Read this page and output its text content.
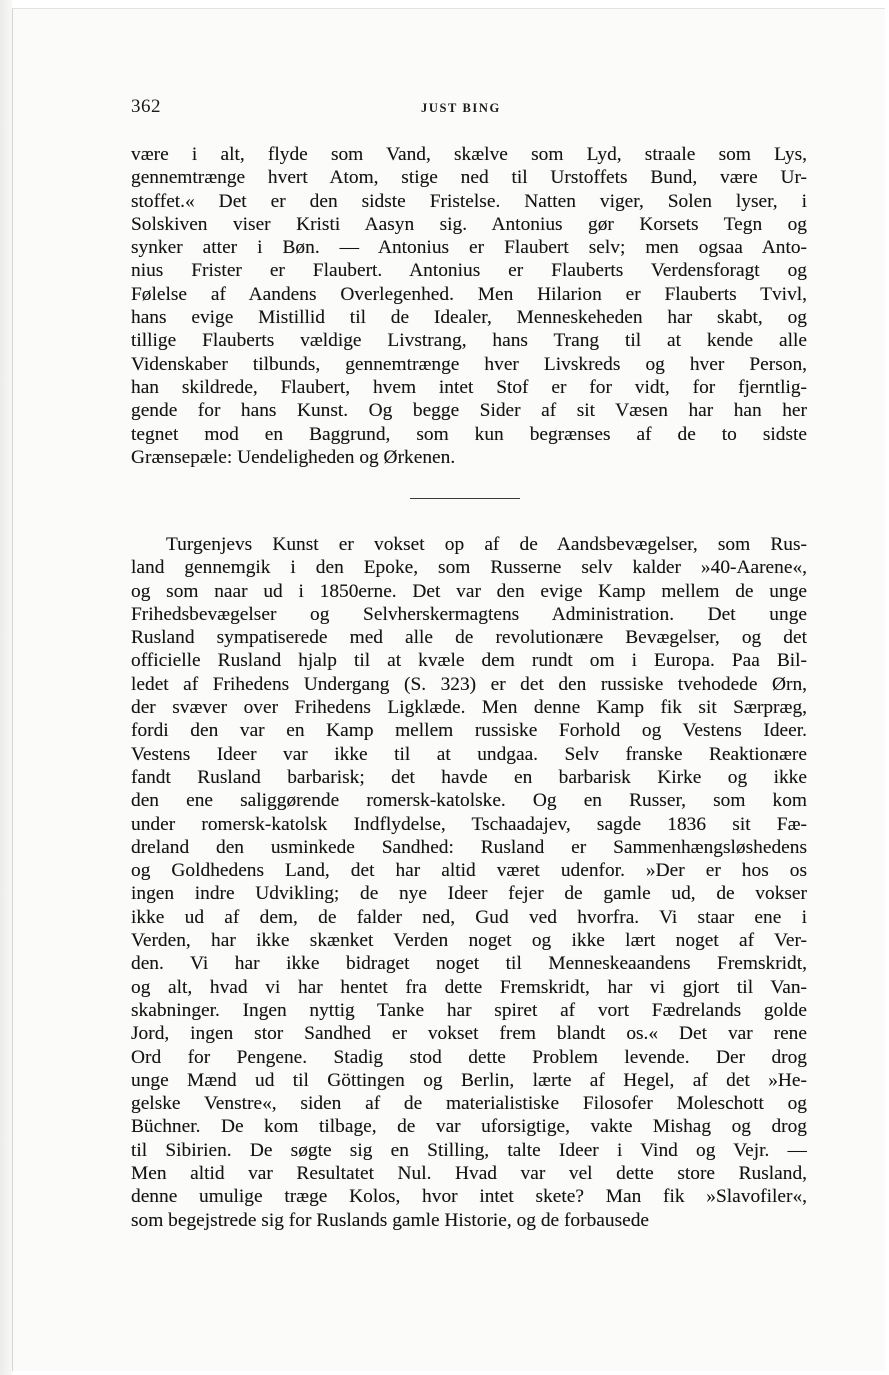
362	JUST BING
være i alt, flyde som Vand, skælve som Lyd, straale som Lys,
gennemtrænge hvert Atom, stige ned til Urstoffets Bund, være Ur-
stoffet.« Det er den sidste Fristelse. Natten viger, Solen lyser, i
Solskiven viser Kristi Aasyn sig. Antonius gør Korsets Tegn og
synker atter i Bøn. — Antonius er Flaubert selv; men ogsaa Anto-
nius Frister er Flaubert. Antonius er Flauberts Verdensforagt og
Følelse af Aandens Overlegenhed. Men Hilarion er Flauberts Tvivl,
hans evige Mistillid til de Idealer, Menneskeheden har skabt, og
tillige Flauberts vældige Livstrang, hans Trang til at kende alle
Videnskaber tilbunds, gennemtrænge hver Livskreds og hver Person,
han skildrede, Flaubert, hvem intet Stof er for vidt, for fjerntlig-
gende for hans Kunst. Og begge Sider af sit Væsen har han her
tegnet mod en Baggrund, som kun begrænses af de to sidste
Grænsepæle: Uendeligheden og Ørkenen.
Turgenjevs Kunst er vokset op af de Aandsbevægelser, som Rus-
land gennemgik i den Epoke, som Russerne selv kalder »40-Aarene«,
og som naar ud i 1850erne. Det var den evige Kamp mellem de unge
Frihedsbevægelser og Selvherskermagtens Administration. Det unge
Rusland sympatiserede med alle de revolutionære Bevægelser, og det
officielle Rusland hjalp til at kvæle dem rundt om i Europa. Paa Bil-
ledet af Frihedens Undergang (S. 323) er det den russiske tvehodede Ørn,
der svæver over Frihedens Ligklæde. Men denne Kamp fik sit Særpræg,
fordi den var en Kamp mellem russiske Forhold og Vestens Ideer.
Vestens Ideer var ikke til at undgaa. Selv franske Reaktionære
fandt Rusland barbarisk; det havde en barbarisk Kirke og ikke
den ene saliggørende romersk-katolske. Og en Russer, som kom
under romersk-katolsk Indflydelse, Tschaadajev, sagde 1836 sit Fæ-
dreland den usminkede Sandhed: Rusland er Sammenhængsløshedens
og Goldhedens Land, det har altid været udenfor. »Der er hos os
ingen indre Udvikling; de nye Ideer fejer de gamle ud, de vokser
ikke ud af dem, de falder ned, Gud ved hvorfra. Vi staar ene i
Verden, har ikke skænket Verden noget og ikke lært noget af Ver-
den. Vi har ikke bidraget noget til Menneskeaandens Fremskridt,
og alt, hvad vi har hentet fra dette Fremskridt, har vi gjort til Van-
skabninger. Ingen nyttig Tanke har spiret af vort Fædrelands golde
Jord, ingen stor Sandhed er vokset frem blandt os.« Det var rene
Ord for Pengene. Stadig stod dette Problem levende. Der drog
unge Mænd ud til Göttingen og Berlin, lærte af Hegel, af det »He-
gelske Venstre«, siden af de materialistiske Filosofer Moleschott og
Büchner. De kom tilbage, de var uforsigtige, vakte Mishag og drog
til Sibirien. De søgte sig en Stilling, talte Ideer i Vind og Vejr. —
Men altid var Resultatet Nul. Hvad var vel dette store Rusland,
denne umulige træge Kolos, hvor intet skete? Man fik »Slavofiler«,
som begejstrede sig for Ruslands gamle Historie, og de forbausede
